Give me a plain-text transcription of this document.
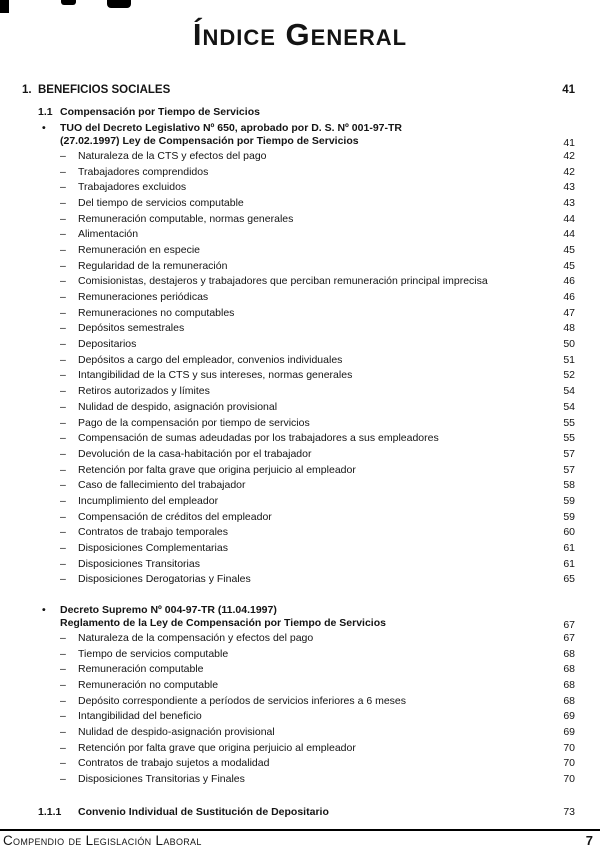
Índice General
1. BENEFICIOS SOCIALES	41
1.1 Compensación por Tiempo de Servicios
•	TUO del Decreto Legislativo Nº 650, aprobado por D. S. Nº 001-97-TR
(27.02.1997) Ley de Compensación por Tiempo de Servicios	41
–	Naturaleza de la CTS y efectos del pago	42
–	Trabajadores comprendidos	42
–	Trabajadores excluidos	43
–	Del tiempo de servicios computable	43
–	Remuneración computable, normas generales	44
–	Alimentación	44
–	Remuneración en especie	45
–	Regularidad de la remuneración	45
–	Comisionistas, destajeros y trabajadores que perciban remuneración principal imprecisa	46
–	Remuneraciones periódicas	46
–	Remuneraciones no computables	47
–	Depósitos semestrales	48
–	Depositarios	50
–	Depósitos a cargo del empleador, convenios individuales	51
–	Intangibilidad de la CTS y sus intereses, normas generales	52
–	Retiros autorizados y límites	54
–	Nulidad de despido, asignación provisional	54
–	Pago de la compensación por tiempo de servicios	55
–	Compensación de sumas adeudadas por los trabajadores a sus empleadores	55
–	Devolución de la casa-habitación por el trabajador	57
–	Retención por falta grave que origina perjuicio al empleador	57
–	Caso de fallecimiento del trabajador	58
–	Incumplimiento del empleador	59
–	Compensación de créditos del empleador	59
–	Contratos de trabajo temporales	60
–	Disposiciones Complementarias	61
–	Disposiciones Transitorias	61
–	Disposiciones Derogatorias y Finales	65
•	Decreto Supremo Nº 004-97-TR (11.04.1997)
Reglamento de la Ley de Compensación por Tiempo de Servicios	67
–	Naturaleza de la compensación y efectos del pago	67
–	Tiempo de servicios computable	68
–	Remuneración computable	68
–	Remuneración no computable	68
–	Depósito correspondiente a períodos de servicios inferiores a 6 meses	68
–	Intangibilidad del beneficio	69
–	Nulidad de despido-asignación provisional	69
–	Retención por falta grave que origina perjuicio al empleador	70
–	Contratos de trabajo sujetos a modalidad	70
–	Disposiciones Transitorias y Finales	70
1.1.1	Convenio Individual de Sustitución de Depositario	73
Compendio de Legislación Laboral	7
